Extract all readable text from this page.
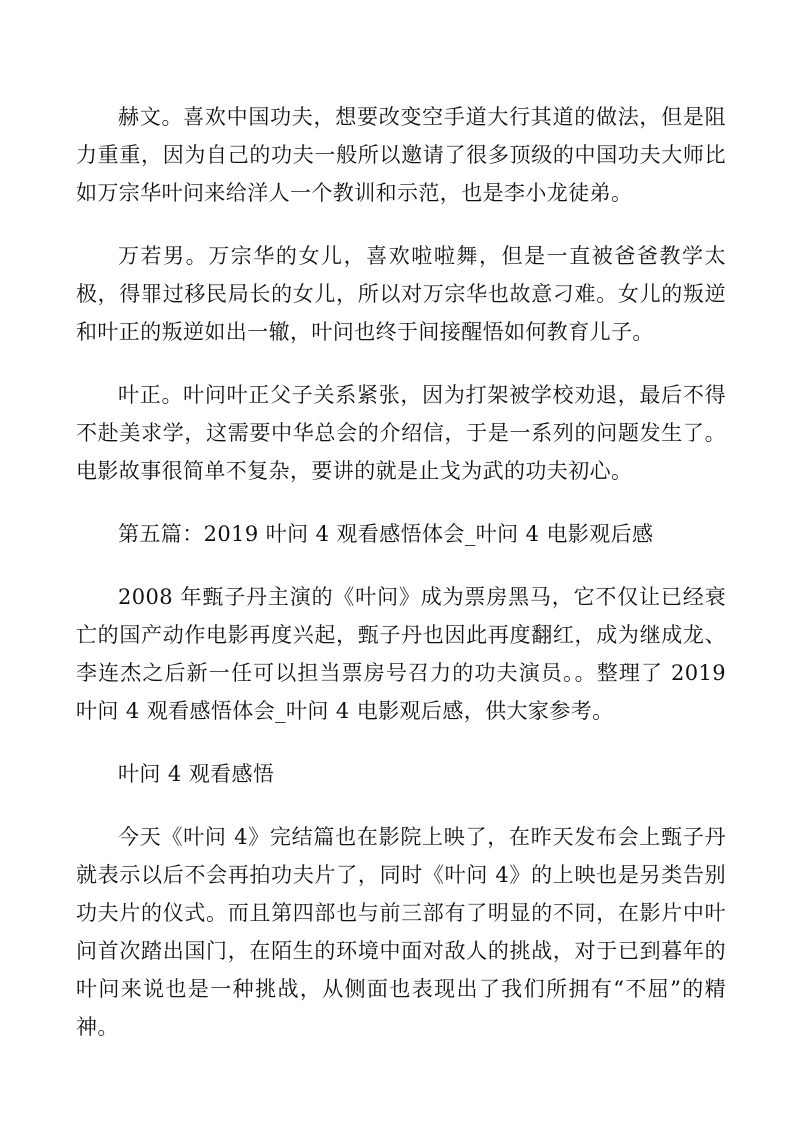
赫文。喜欢中国功夫，想要改变空手道大行其道的做法，但是阻力重重，因为自己的功夫一般所以邀请了很多顶级的中国功夫大师比如万宗华叶问来给洋人一个教训和示范，也是李小龙徒弟。

万若男。万宗华的女儿，喜欢啦啦舞，但是一直被爸爸教学太极，得罪过移民局长的女儿，所以对万宗华也故意刁难。女儿的叛逆和叶正的叛逆如出一辙，叶问也终于间接醒悟如何教育儿子。

叶正。叶问叶正父子关系紧张，因为打架被学校劝退，最后不得不赴美求学，这需要中华总会的介绍信，于是一系列的问题发生了。电影故事很简单不复杂，要讲的就是止戈为武的功夫初心。

第五篇：2019 叶问 4 观看感悟体会_叶问 4 电影观后感

2008 年甄子丹主演的《叶问》成为票房黑马，它不仅让已经衰亡的国产动作电影再度兴起，甄子丹也因此再度翻红，成为继成龙、李连杰之后新一任可以担当票房号召力的功夫演员。。整理了 2019 叶问 4 观看感悟体会_叶问 4 电影观后感，供大家参考。

叶问 4 观看感悟

今天《叶问 4》完结篇也在影院上映了，在昨天发布会上甄子丹就表示以后不会再拍功夫片了，同时《叶问 4》的上映也是另类告别功夫片的仪式。而且第四部也与前三部有了明显的不同，在影片中叶问首次踏出国门，在陌生的环境中面对敌人的挑战，对于已到暮年的叶问来说也是一种挑战，从侧面也表现出了我们所拥有“不屈”的精神。
